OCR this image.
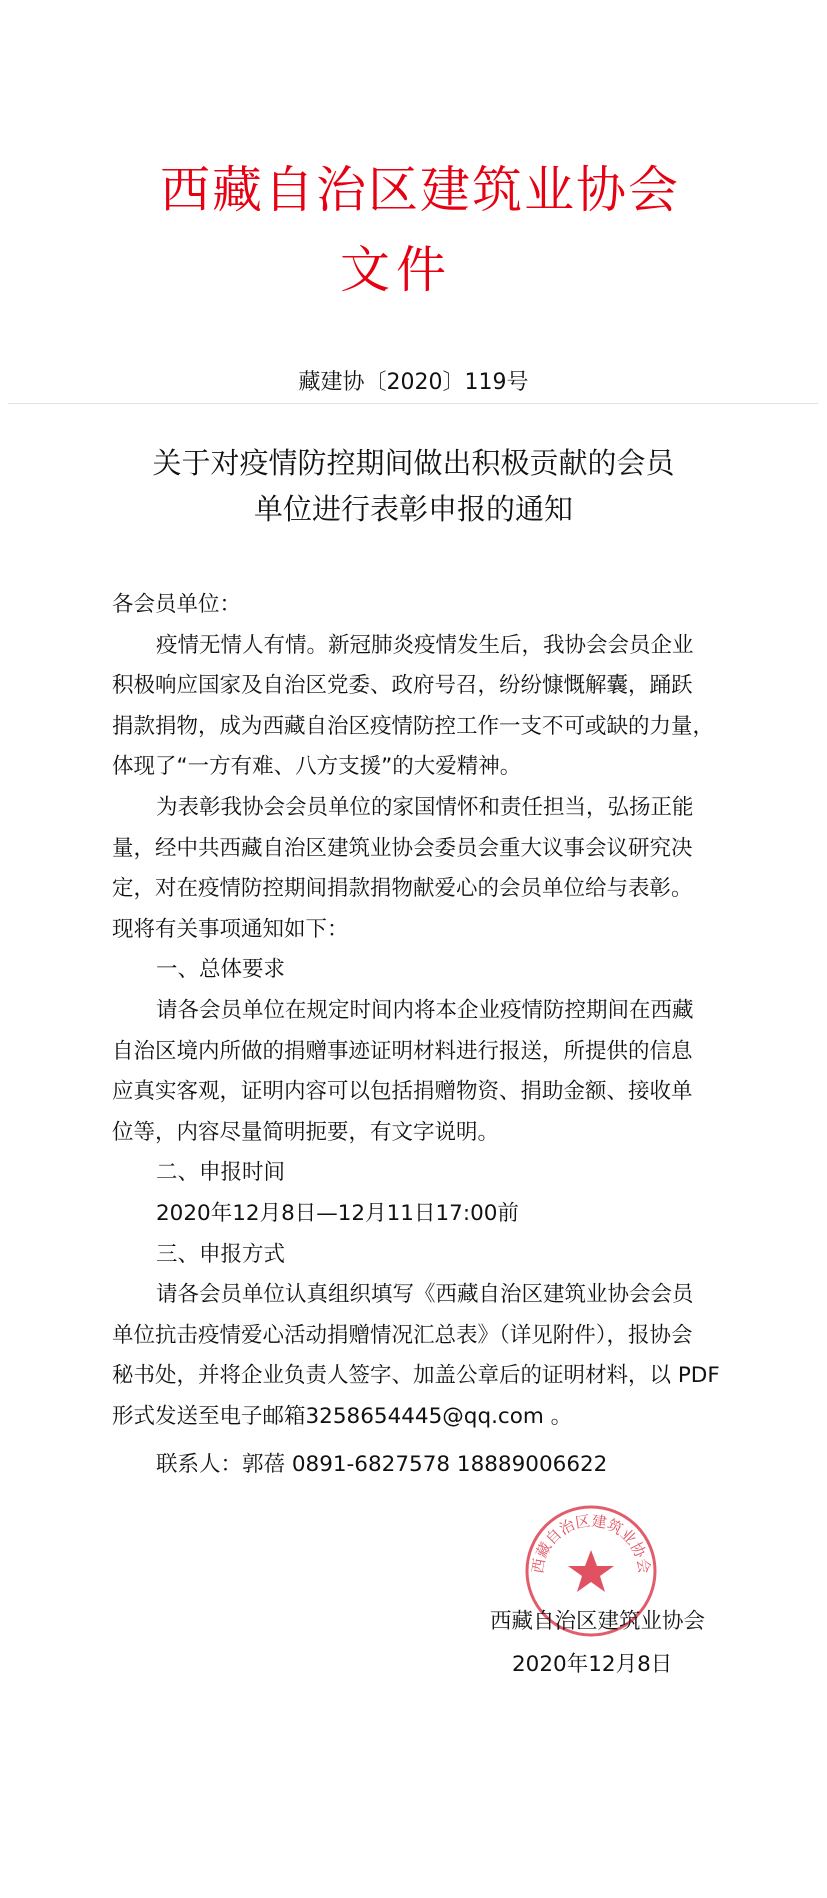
西藏自治区建筑业协会
文件
藏建协〔2020〕119号
关于对疫情防控期间做出积极贡献的会员
单位进行表彰申报的通知

各会员单位：

疫情无情人有情。新冠肺炎疫情发生后，我协会会员企业

积极响应国家及自治区党委、政府号召，纷纷慷慨解囊，踊跃

捐款捐物，成为西藏自治区疫情防控工作一支不可或缺的力量，

体现了“一方有难、八方支援”的大爱精神。

为表彰我协会会员单位的家国情怀和责任担当，弘扬正能

量，经中共西藏自治区建筑业协会委员会重大议事会议研究决

定，对在疫情防控期间捐款捐物献爱心的会员单位给与表彰。

现将有关事项通知如下：

一、总体要求

请各会员单位在规定时间内将本企业疫情防控期间在西藏

自治区境内所做的捐赠事迹证明材料进行报送，所提供的信息

应真实客观，证明内容可以包括捐赠物资、捐助金额、接收单

位等，内容尽量简明扼要，有文字说明。

二、申报时间

2020年12月8日—12月11日17:00前

三、申报方式

请各会员单位认真组织填写《西藏自治区建筑业协会会员

单位抗击疫情爱心活动捐赠情况汇总表》（详见附件），报协会

秘书处，并将企业负责人签字、加盖公章后的证明材料，以 PDF

形式发送至电子邮箱3258654445@qq.com 。

联系人：郭蓓 0891-6827578 18889006622

西藏自治区建筑业协会
西藏自治区建筑业协会
2020年12月8日
